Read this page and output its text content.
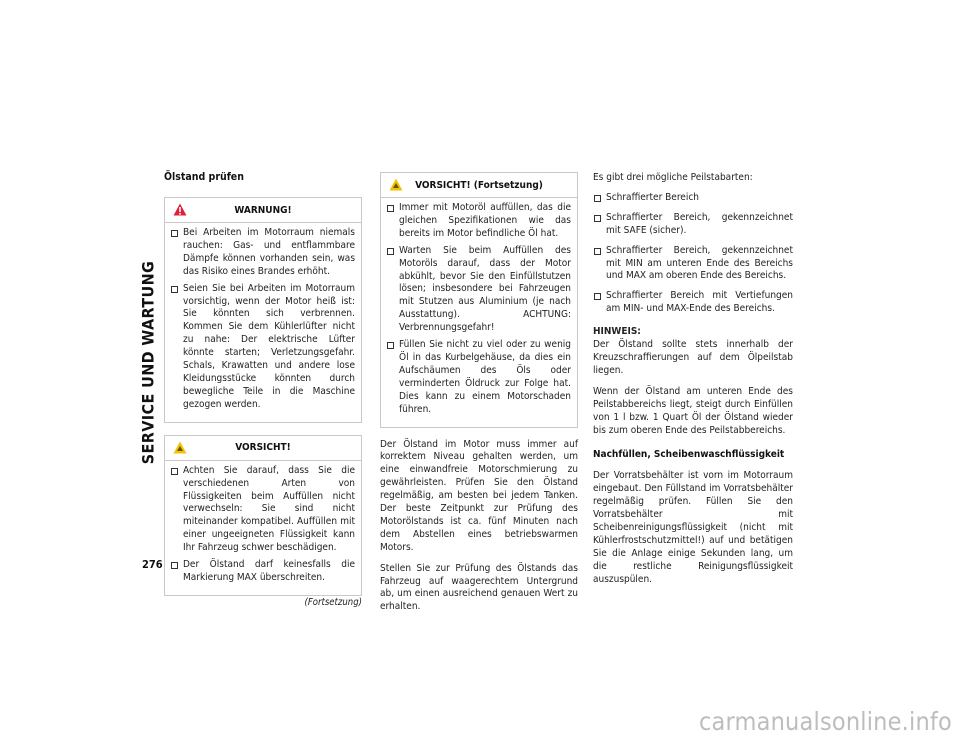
SERVICE UND WARTUNG
276
Ölstand prüfen
WARNUNG!
Bei Arbeiten im Motorraum niemals rauchen: Gas- und entflammbare Dämpfe können vorhanden sein, was das Risiko eines Brandes erhöht.
Seien Sie bei Arbeiten im Motorraum vorsichtig, wenn der Motor heiß ist: Sie könnten sich verbrennen. Kommen Sie dem Kühlerlüfter nicht zu nahe: Der elektrische Lüfter könnte starten; Verletzungsgefahr. Schals, Krawatten und andere lose Kleidungsstücke könnten durch bewegliche Teile in die Maschine gezogen werden.
VORSICHT!
Achten Sie darauf, dass Sie die verschiedenen Arten von Flüssigkeiten beim Auffüllen nicht verwechseln: Sie sind nicht miteinander kompatibel. Auffüllen mit einer ungeeigneten Flüssigkeit kann Ihr Fahrzeug schwer beschädigen.
Der Ölstand darf keinesfalls die Markierung MAX überschreiten.
(Fortsetzung)
VORSICHT! (Fortsetzung)
Immer mit Motoröl auffüllen, das die gleichen Spezifikationen wie das bereits im Motor befindliche Öl hat.
Warten Sie beim Auffüllen des Motoröls darauf, dass der Motor abkühlt, bevor Sie den Einfüllstutzen lösen; insbesondere bei Fahrzeugen mit Stutzen aus Aluminium (je nach Ausstattung). ACHTUNG: Verbrennungsgefahr!
Füllen Sie nicht zu viel oder zu wenig Öl in das Kurbelgehäuse, da dies ein Aufschäumen des Öls oder verminderten Öldruck zur Folge hat. Dies kann zu einem Motorschaden führen.

Der Ölstand im Motor muss immer auf korrektem Niveau gehalten werden, um eine einwandfreie Motorschmierung zu gewährleisten. Prüfen Sie den Ölstand regelmäßig, am besten bei jedem Tanken. Der beste Zeitpunkt zur Prüfung des Motorölstands ist ca. fünf Minuten nach dem Abstellen eines betriebswarmen Motors.

Stellen Sie zur Prüfung des Ölstands das Fahrzeug auf waagerechtem Untergrund ab, um einen ausreichend genauen Wert zu erhalten.

Es gibt drei mögliche Peilstabarten:

Schraffierter Bereich
Schraffierter Bereich, gekennzeichnet mit SAFE (sicher).
Schraffierter Bereich, gekennzeichnet mit MIN am unteren Ende des Bereichs und MAX am oberen Ende des Bereichs.
Schraffierter Bereich mit Vertiefungen am MIN- und MAX-Ende des Bereichs.
HINWEIS:

Der Ölstand sollte stets innerhalb der Kreuzschraffierungen auf dem Ölpeilstab liegen.

Wenn der Ölstand am unteren Ende des Peilstabbereichs liegt, steigt durch Einfüllen von 1 l bzw. 1 Quart Öl der Ölstand wieder bis zum oberen Ende des Peilstabbereichs.

Nachfüllen, Scheibenwaschflüssigkeit

Der Vorratsbehälter ist vorn im Motorraum eingebaut. Den Füllstand im Vorratsbehälter regelmäßig prüfen. Füllen Sie den Vorratsbehälter mit Scheibenreinigungsflüssigkeit (nicht mit Kühlerfrostschutzmittel!) auf und betätigen Sie die Anlage einige Sekunden lang, um die restliche Reinigungsflüssigkeit auszuspülen.

carmanualsonline.info
